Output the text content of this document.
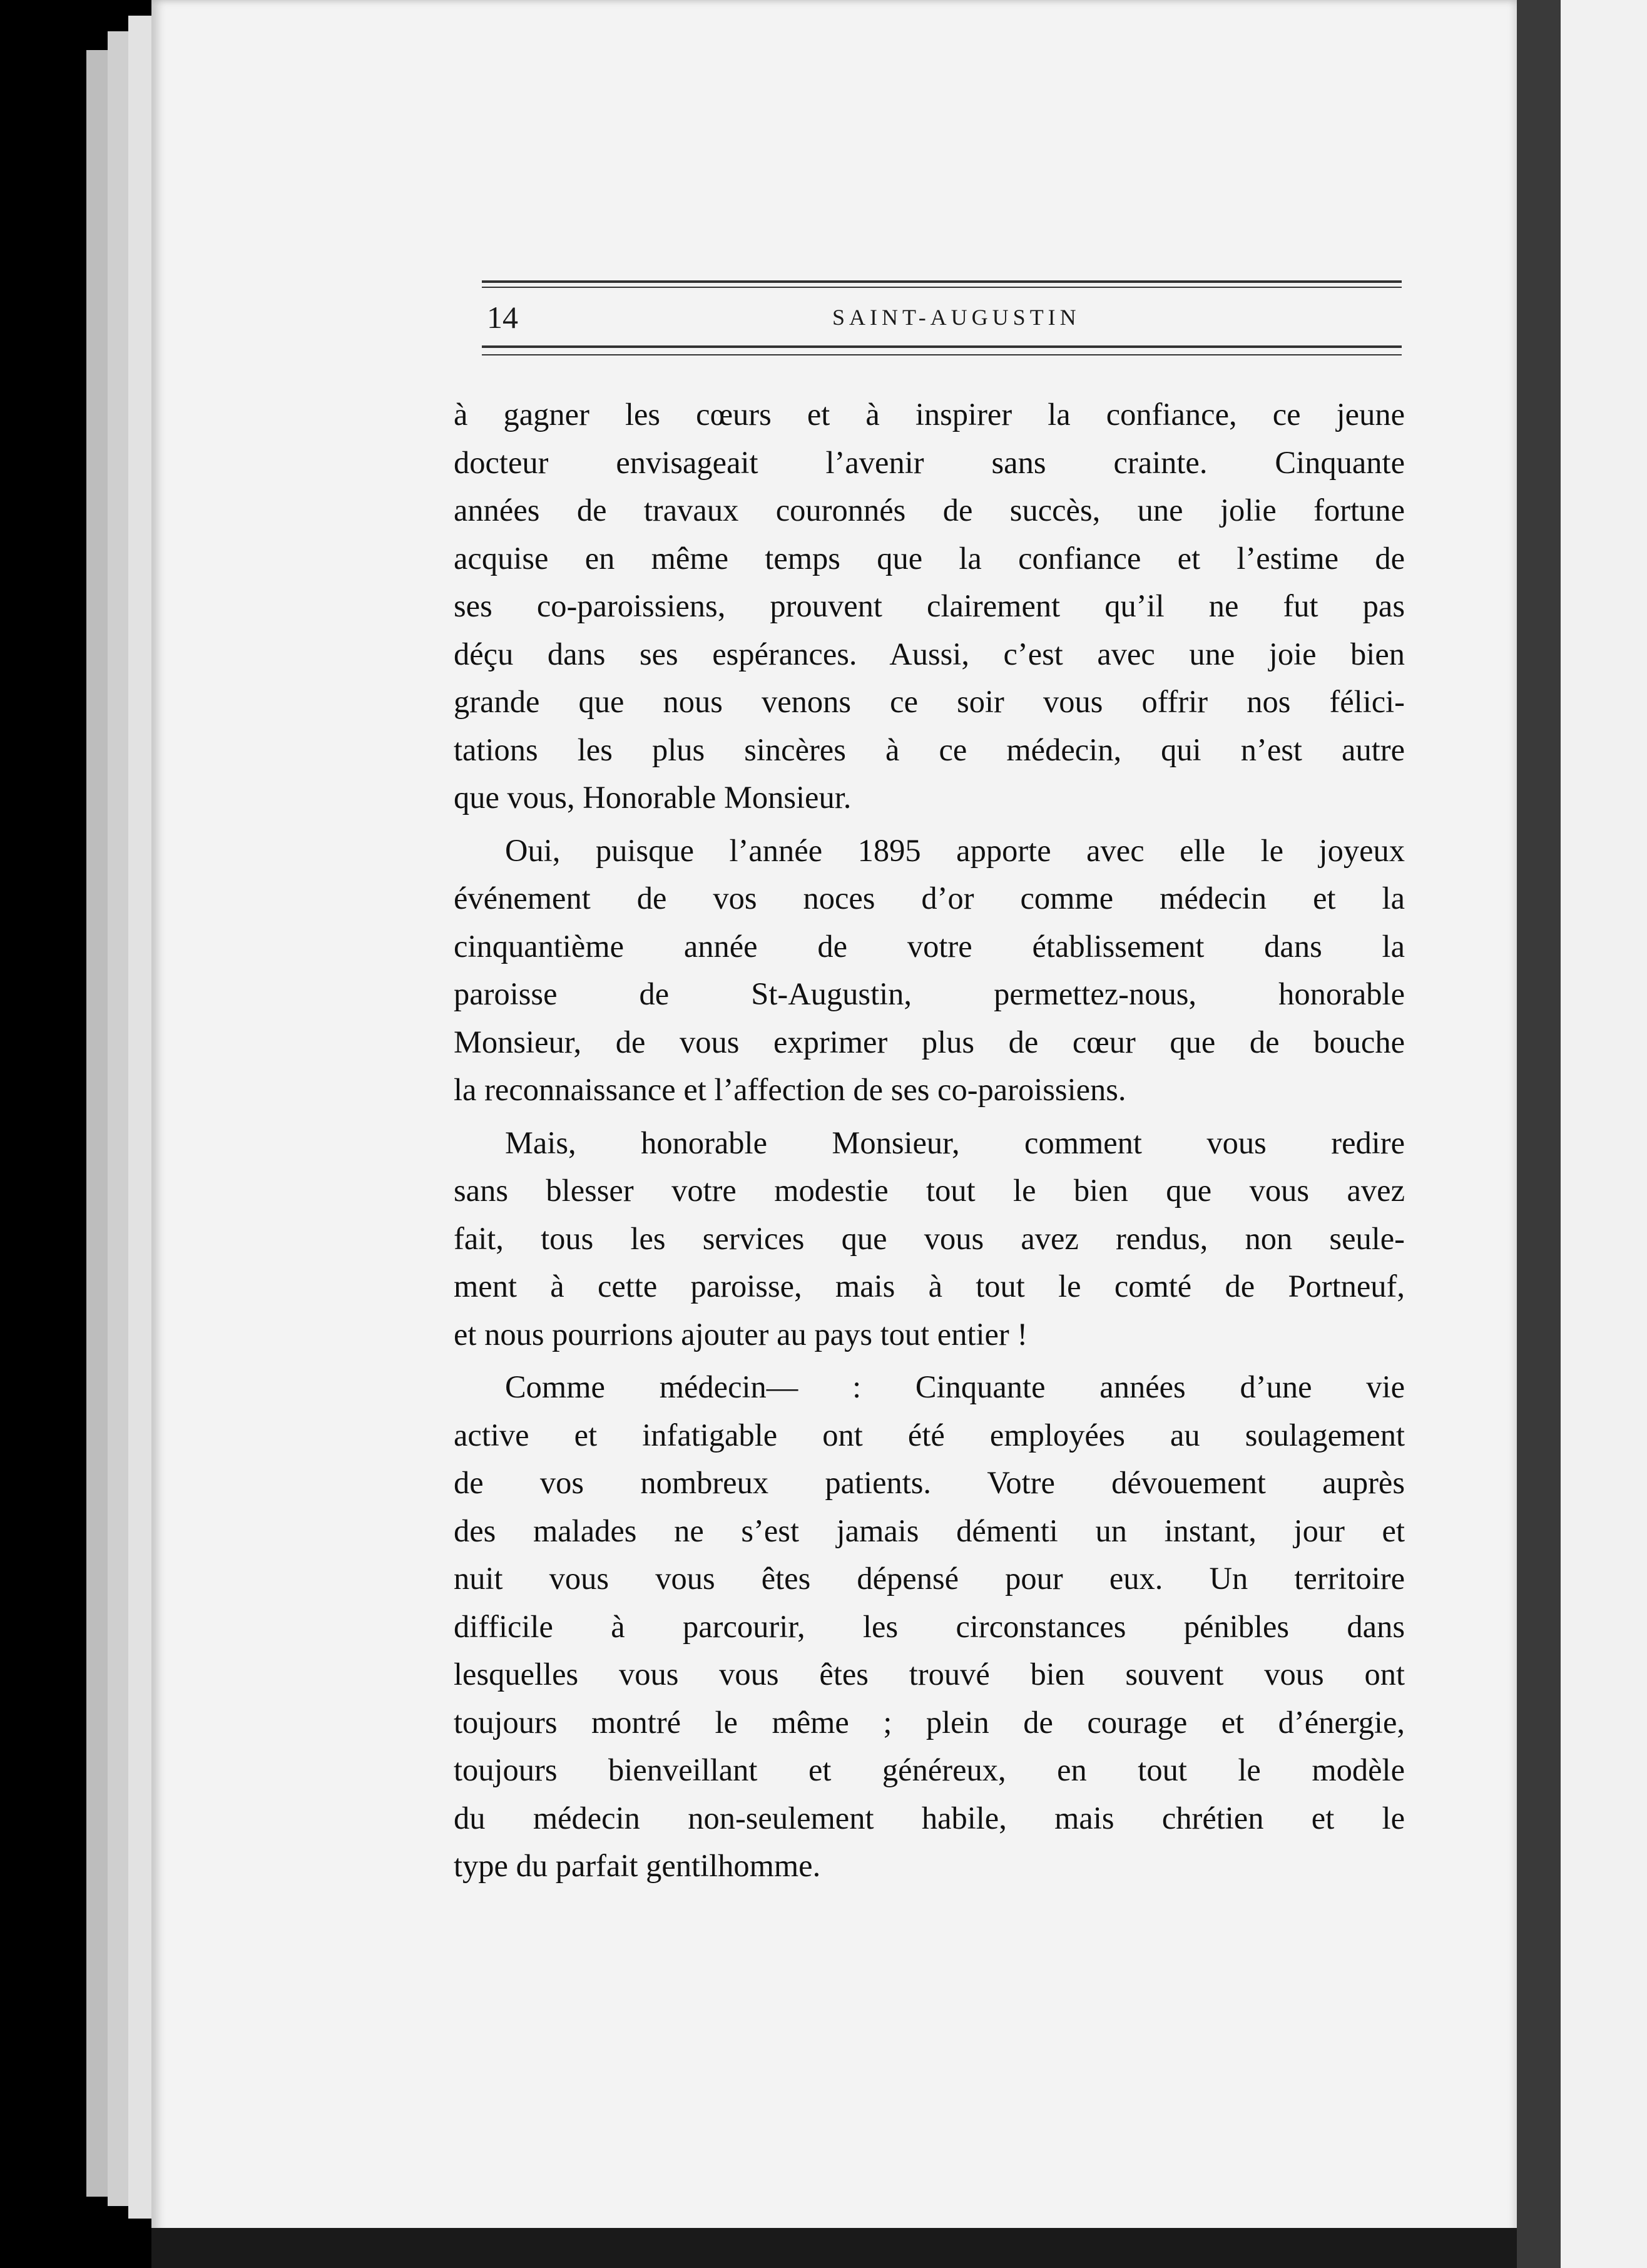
14	SAINT-AUGUSTIN
à gagner les cœurs et à inspirer la confiance, ce jeune
docteur envisageait l’avenir sans crainte. Cinquante
années de travaux couronnés de succès, une jolie fortune
acquise en même temps que la confiance et l’estime de
ses co-paroissiens, prouvent clairement qu’il ne fut pas
déçu dans ses espérances. Aussi, c’est avec une joie bien
grande que nous venons ce soir vous offrir nos félici-
tations les plus sincères à ce médecin, qui n’est autre
que vous, Honorable Monsieur.
Oui, puisque l’année 1895 apporte avec elle le joyeux
événement de vos noces d’or comme médecin et la
cinquantième année de votre établissement dans la
paroisse de St-Augustin, permettez-nous, honorable
Monsieur, de vous exprimer plus de cœur que de bouche
la reconnaissance et l’affection de ses co-paroissiens.
Mais, honorable Monsieur, comment vous redire
sans blesser votre modestie tout le bien que vous avez
fait, tous les services que vous avez rendus, non seule-
ment à cette paroisse, mais à tout le comté de Portneuf,
et nous pourrions ajouter au pays tout entier !
Comme médecin— : Cinquante années d’une vie
active et infatigable ont été employées au soulagement
de vos nombreux patients. Votre dévouement auprès
des malades ne s’est jamais démenti un instant, jour et
nuit vous vous êtes dépensé pour eux. Un territoire
difficile à parcourir, les circonstances pénibles dans
lesquelles vous vous êtes trouvé bien souvent vous ont
toujours montré le même ; plein de courage et d’énergie,
toujours bienveillant et généreux, en tout le modèle
du médecin non-seulement habile, mais chrétien et le
type du parfait gentilhomme.
